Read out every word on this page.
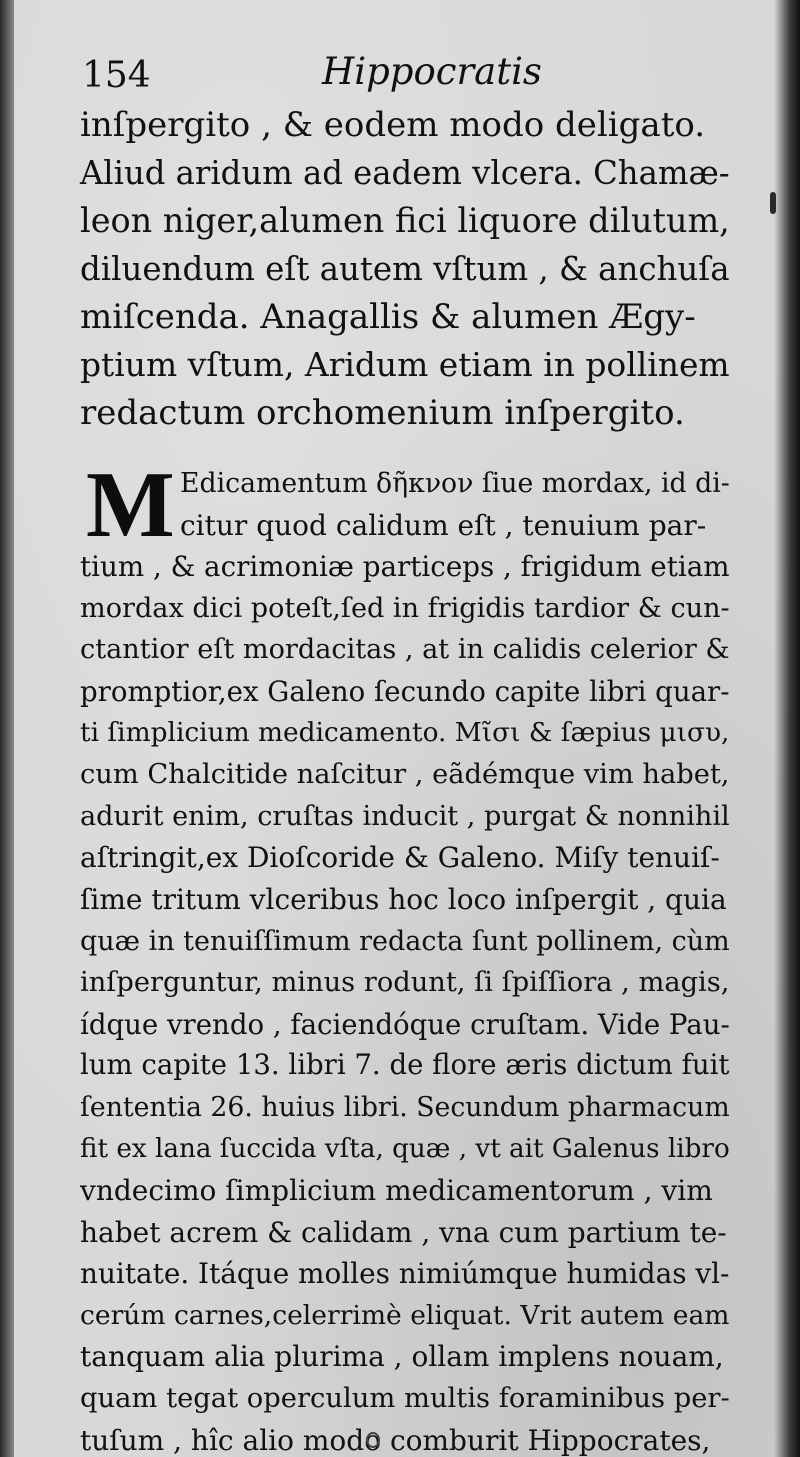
154	Hippocratis
inſpergito , & eodem modo deligato.
Aliud aridum ad eadem vlcera. Chamæ-
leon niger,alumen fici liquore dilutum,
diluendum eſt autem vſtum , & anchuſa
miſcenda. Anagallis & alumen Ægy-
ptium vſtum, Aridum etiam in pollinem
redactum orchomenium inſpergito.
M Edicamentum δῆκνον ſiue mordax, id di-
citur quod calidum eſt , tenuium par-
tium , & acrimoniæ particeps , frigidum etiam
mordax dici poteſt,ſed in frigidis tardior & cun-
ctantior eſt mordacitas , at in calidis celerior &
promptior,ex Galeno ſecundo capite libri quar-
ti ſimplicium medicamento. Μῖσι & ſæpius μισυ,
cum Chalcitide naſcitur , eãdémque vim habet,
adurit enim, cruſtas inducit , purgat & nonnihil
aſtringit,ex Dioſcoride & Galeno. Miſy tenuiſ-
ſime tritum vlceribus hoc loco inſpergit , quia
quæ in tenuiſſimum redacta ſunt pollinem, cùm
inſperguntur, minus rodunt, ſi ſpiſſiora , magis,
ídque vrendo , faciendóque cruſtam. Vide Pau-
lum capite 13. libri 7. de flore æris dictum fuit
ſententia 26. huius libri. Secundum pharmacum
fit ex lana ſuccida vſta, quæ , vt ait Galenus libro
vndecimo ſimplicium medicamentorum , vim
habet acrem & calidam , vna cum partium te-
nuitate. Itáque molles nimiúmque humidas vl-
cerúm carnes,celerrimè eliquat. Vrit autem eam
tanquam alia plurima , ollam implens nouam,
quam tegat operculum multis foraminibus per-
tuſum , hîc alio modo comburit Hippocrates,
